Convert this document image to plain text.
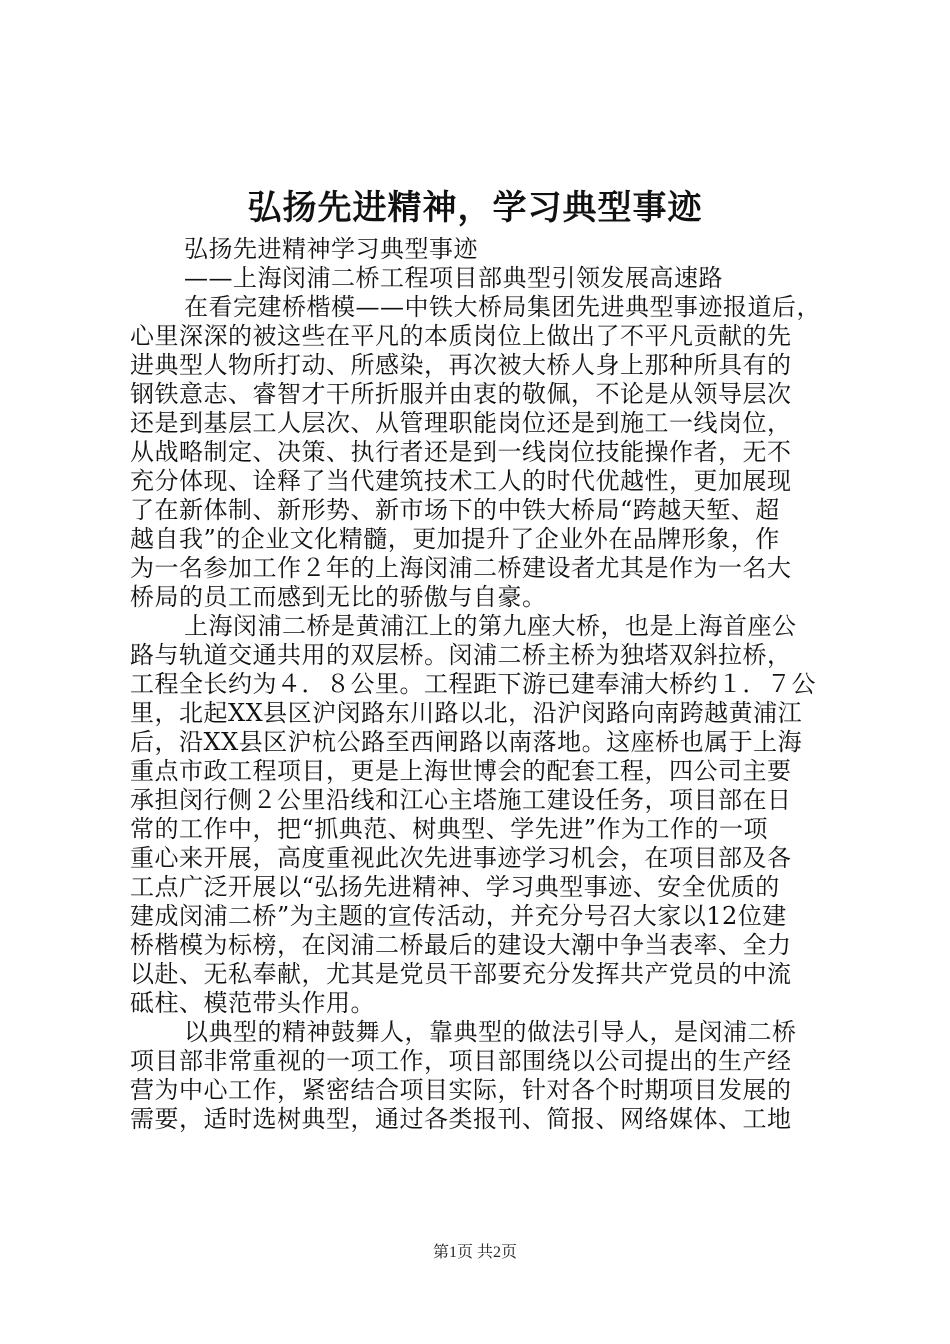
弘扬先进精神，学习典型事迹
弘扬先进精神学习典型事迹
——上海闵浦二桥工程项目部典型引领发展高速路
在看完建桥楷模——中铁大桥局集团先进典型事迹报道后，
心里深深的被这些在平凡的本质岗位上做出了不平凡贡献的先
进典型人物所打动、所感染，再次被大桥人身上那种所具有的
钢铁意志、睿智才干所折服并由衷的敬佩，不论是从领导层次
还是到基层工人层次、从管理职能岗位还是到施工一线岗位，
从战略制定、决策、执行者还是到一线岗位技能操作者，无不
充分体现、诠释了当代建筑技术工人的时代优越性，更加展现
了在新体制、新形势、新市场下的中铁大桥局“跨越天堑、超
越自我”的企业文化精髓，更加提升了企业外在品牌形象，作
为一名参加工作２年的上海闵浦二桥建设者尤其是作为一名大
桥局的员工而感到无比的骄傲与自豪。
上海闵浦二桥是黄浦江上的第九座大桥，也是上海首座公
路与轨道交通共用的双层桥。闵浦二桥主桥为独塔双斜拉桥，
工程全长约为４．８公里。工程距下游已建奉浦大桥约１．７公
里，北起XX县区沪闵路东川路以北，沿沪闵路向南跨越黄浦江
后，沿XX县区沪杭公路至西闸路以南落地。这座桥也属于上海
重点市政工程项目，更是上海世博会的配套工程，四公司主要
承担闵行侧２公里沿线和江心主塔施工建设任务，项目部在日
常的工作中，把“抓典范、树典型、学先进”作为工作的一项
重心来开展，高度重视此次先进事迹学习机会，在项目部及各
工点广泛开展以“弘扬先进精神、学习典型事迹、安全优质的
建成闵浦二桥”为主题的宣传活动，并充分号召大家以12位建
桥楷模为标榜，在闵浦二桥最后的建设大潮中争当表率、全力
以赴、无私奉献，尤其是党员干部要充分发挥共产党员的中流
砥柱、模范带头作用。
以典型的精神鼓舞人，靠典型的做法引导人，是闵浦二桥
项目部非常重视的一项工作，项目部围绕以公司提出的生产经
营为中心工作，紧密结合项目实际，针对各个时期项目发展的
需要，适时选树典型，通过各类报刊、简报、网络媒体、工地
第1页 共2页
